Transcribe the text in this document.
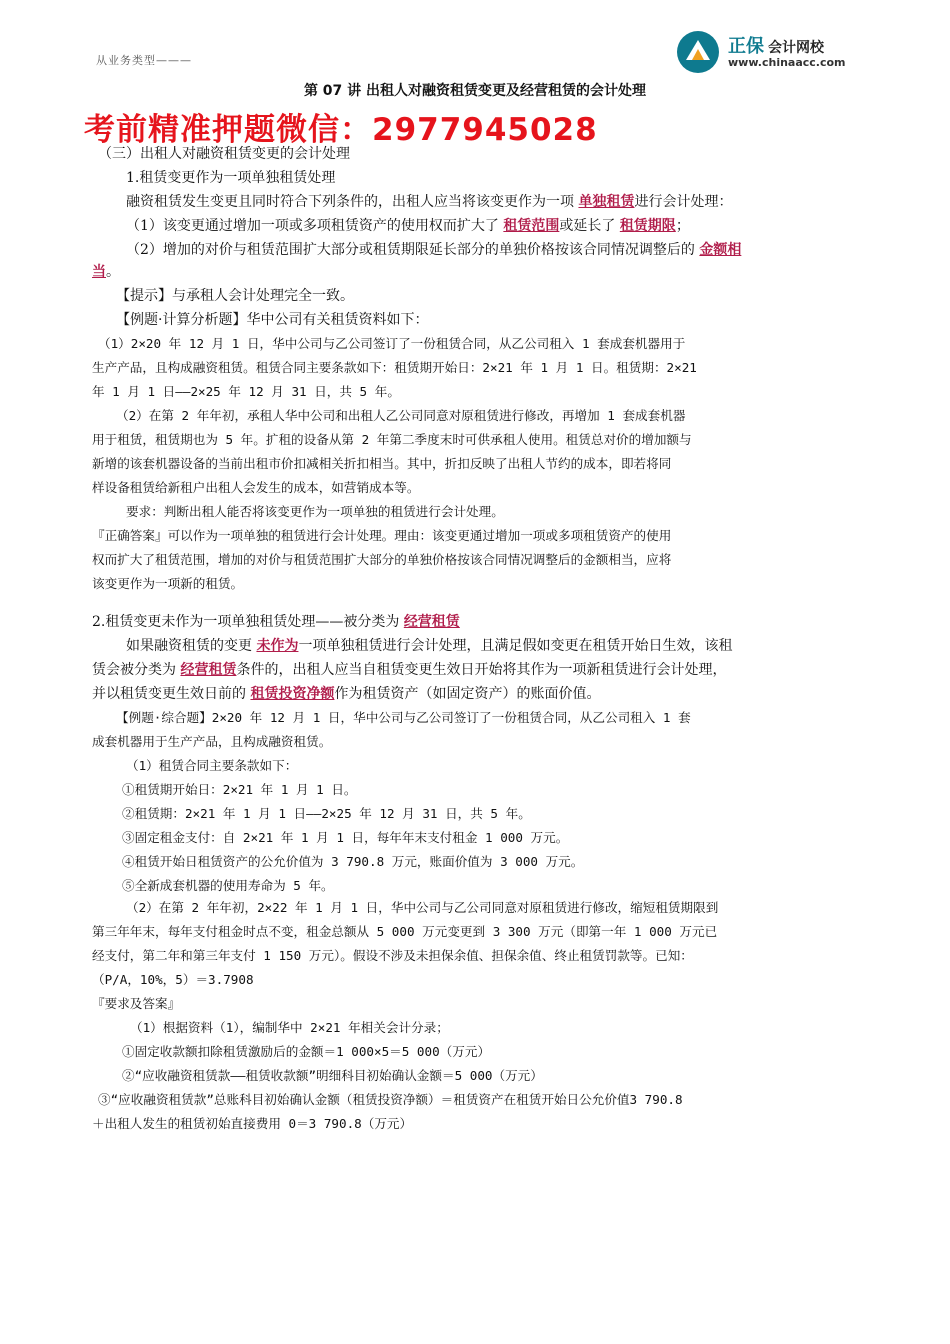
从业务类型———
正保 会计网校
www.chinaacc.com
第 07 讲 出租人对融资租赁变更及经营租赁的会计处理
考前精准押题微信：2977945028
（三）出租人对融资租赁变更的会计处理
1.租赁变更作为一项单独租赁处理
融资租赁发生变更且同时符合下列条件的，出租人应当将该变更作为一项 单独租赁进行会计处理：
（1）该变更通过增加一项或多项租赁资产的使用权而扩大了 租赁范围或延长了 租赁期限；
（2）增加的对价与租赁范围扩大部分或租赁期限延长部分的单独价格按该合同情况调整后的 金额相
当。
【提示】与承租人会计处理完全一致。
【例题·计算分析题】华中公司有关租赁资料如下：
（1）2×20 年 12 月 1 日，华中公司与乙公司签订了一份租赁合同，从乙公司租入 1 套成套机器用于
生产产品，且构成融资租赁。租赁合同主要条款如下：租赁期开始日：2×21 年 1 月 1 日。租赁期：2×21
年 1 月 1 日——2×25 年 12 月 31 日，共 5 年。
（2）在第 2 年年初，承租人华中公司和出租人乙公司同意对原租赁进行修改，再增加 1 套成套机器
用于租赁，租赁期也为 5 年。扩租的设备从第 2 年第二季度末时可供承租人使用。租赁总对价的增加额与
新增的该套机器设备的当前出租市价扣减相关折扣相当。其中，折扣反映了出租人节约的成本，即若将同
样设备租赁给新租户出租人会发生的成本，如营销成本等。
要求：判断出租人能否将该变更作为一项单独的租赁进行会计处理。
『正确答案』可以作为一项单独的租赁进行会计处理。理由：该变更通过增加一项或多项租赁资产的使用
权而扩大了租赁范围，增加的对价与租赁范围扩大部分的单独价格按该合同情况调整后的金额相当，应将
该变更作为一项新的租赁。
2.租赁变更未作为一项单独租赁处理——被分类为 经营租赁
如果融资租赁的变更 未作为一项单独租赁进行会计处理，且满足假如变更在租赁开始日生效，该租
赁会被分类为 经营租赁条件的，出租人应当自租赁变更生效日开始将其作为一项新租赁进行会计处理，
并以租赁变更生效日前的 租赁投资净额作为租赁资产（如固定资产）的账面价值。
【例题·综合题】2×20 年 12 月 1 日，华中公司与乙公司签订了一份租赁合同，从乙公司租入 1 套
成套机器用于生产产品，且构成融资租赁。
（1）租赁合同主要条款如下：
①租赁期开始日：2×21 年 1 月 1 日。
②租赁期：2×21 年 1 月 1 日——2×25 年 12 月 31 日，共 5 年。
③固定租金支付：自 2×21 年 1 月 1 日，每年年末支付租金 1 000 万元。
④租赁开始日租赁资产的公允价值为 3 790.8 万元，账面价值为 3 000 万元。
⑤全新成套机器的使用寿命为 5 年。
（2）在第 2 年年初，2×22 年 1 月 1 日，华中公司与乙公司同意对原租赁进行修改，缩短租赁期限到
第三年年末，每年支付租金时点不变，租金总额从 5 000 万元变更到 3 300 万元（即第一年 1 000 万元已
经支付，第二年和第三年支付 1 150 万元）。假设不涉及未担保余值、担保余值、终止租赁罚款等。已知：
（P/A，10%，5）＝3.7908
『要求及答案』
（1）根据资料（1），编制华中 2×21 年相关会计分录；
①固定收款额扣除租赁激励后的金额＝1 000×5＝5 000（万元）
②“应收融资租赁款——租赁收款额”明细科目初始确认金额＝5 000（万元）
③“应收融资租赁款”总账科目初始确认金额（租赁投资净额）＝租赁资产在租赁开始日公允价值3 790.8
＋出租人发生的租赁初始直接费用 0＝3 790.8（万元）
